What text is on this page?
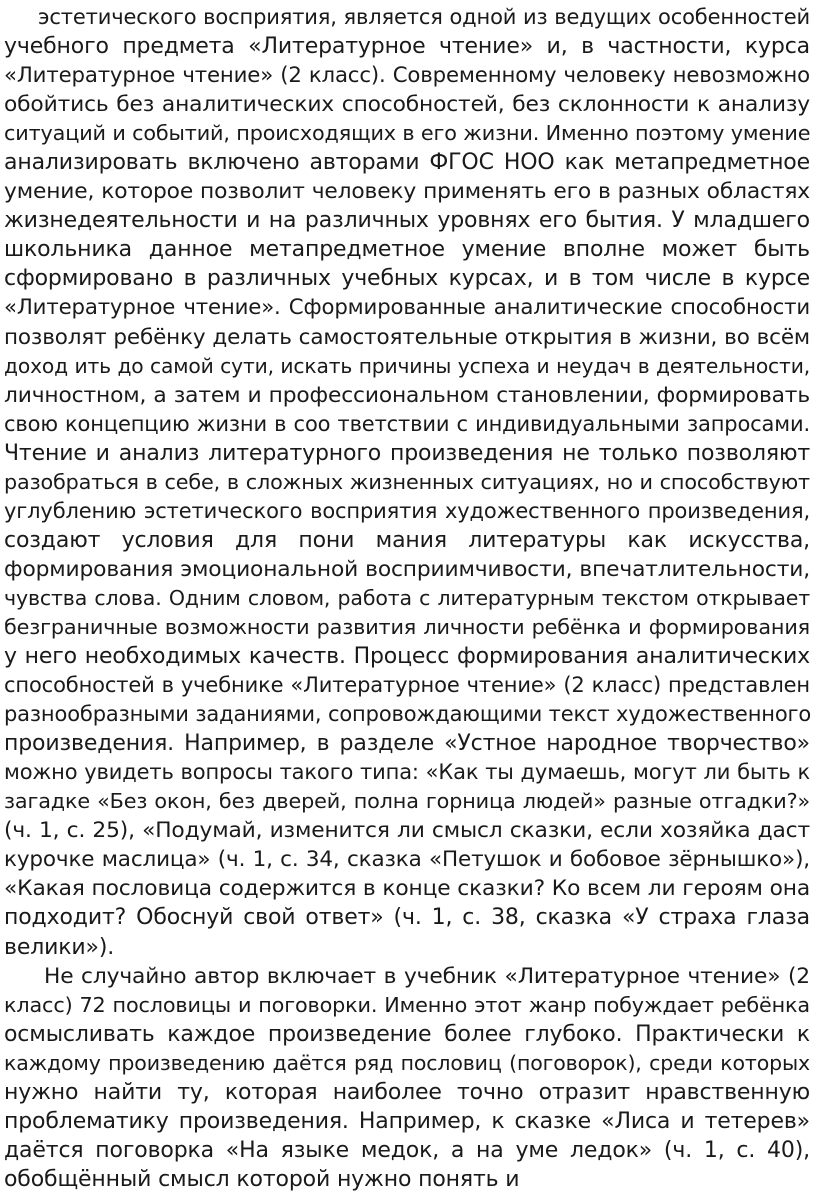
эстетического восприятия, является одной из ведущих особенностей
учебного предмета «Литературное чтение» и, в частности, курса
«Литературное чтение» (2 класс). Современному человеку невозможно
обойтись без аналитических способностей, без склонности к анализу
ситуаций и событий, происходящих в его жизни. Именно поэтому умение
анализировать включено авторами ФГОС НОО как метапредметное
умение, которое позволит человеку применять его в разных областях
жизнедеятельности и на различных уровнях его бытия. У младшего
школьника данное метапредметное умение вполне может быть
сформировано в различных учебных курсах, и в том числе в курсе
«Литературное чтение». Сформированные аналитические способности
позволят ребёнку делать самостоятельные открытия в жизни, во всём
доход ить до самой сути, искать причины успеха и неудач в деятельности,
личностном, а затем и профессиональном становлении, формировать
свою концепцию жизни в соо тветствии с индивидуальными запросами.
Чтение и анализ литературного произведения не только позволяют
разобраться в себе, в сложных жизненных ситуациях, но и способствуют
углублению эстетического восприятия художественного произведения,
создают условия для пони мания литературы как искусства,
формирования эмоциональной восприимчивости, впечатлительности,
чувства слова. Одним словом, работа с литературным текстом открывает
безграничные возможности развития личности ребёнка и формирования
у него необходимых качеств. Процесс формирования аналитических
способностей в учебнике «Литературное чтение» (2 класс) представлен
разнообразными заданиями, сопровождающими текст художественного
произведения. Например, в разделе «Устное народное творчество»
можно увидеть вопросы такого типа: «Как ты думаешь, могут ли быть к
загадке «Без окон, без дверей, полна горница людей» разные отгадки?»
(ч. 1, с. 25), «Подумай, изменится ли смысл сказки, если хозяйка даст
курочке маслица» (ч. 1, с. 34, сказка «Петушок и бобовое зёрнышко»),
«Какая пословица содержится в конце сказки? Ко всем ли героям она
подходит? Обоснуй свой ответ» (ч. 1, с. 38, сказка «У страха глаза
велики»).
Не случайно автор включает в учебник «Литературное чтение» (2
класс) 72 пословицы и поговорки. Именно этот жанр побуждает ребёнка
осмысливать каждое произведение более глубоко. Практически к
каждому произведению даётся ряд пословиц (поговорок), среди которых
нужно найти ту, которая наиболее точно отразит нравственную
проблематику произведения. Например, к сказке «Лиса и тетерев»
даётся поговорка «На языке медок, а на уме ледок» (ч. 1, с. 40),
обобщённый смысл которой нужно понять и
